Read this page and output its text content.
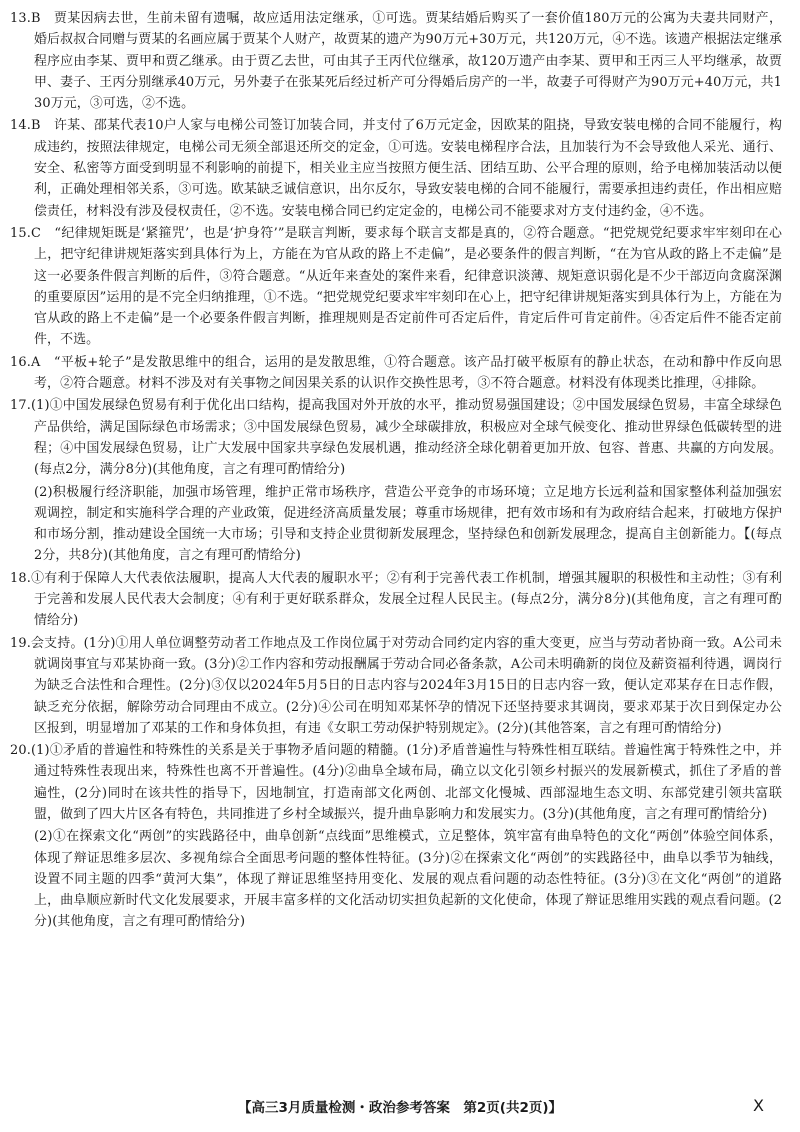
13.B　贾某因病去世，生前未留有遗嘱，故应适用法定继承，①可选。贾某结婚后购买了一套价值180万元的公寓为夫妻共同财产，婚后叔叔合同赠与贾某的名画应属于贾某个人财产，故贾某的遗产为90万元+30万元，共120万元，④不选。该遗产根据法定继承程序应由李某、贾甲和贾乙继承。由于贾乙去世，可由其子王丙代位继承，故120万遗产由李某、贾甲和王丙三人平均继承，故贾甲、妻子、王丙分别继承40万元，另外妻子在张某死后经过析产可分得婚后房产的一半，故妻子可得财产为90万元+40万元，共130万元，③可选，②不选。

14.B　许某、邵某代表10户人家与电梯公司签订加装合同，并支付了6万元定金，因欧某的阻挠，导致安装电梯的合同不能履行，构成违约，按照法律规定，电梯公司无须全部退还所交的定金，①可选。安装电梯程序合法，且加装行为不会导致他人采光、通行、安全、私密等方面受到明显不利影响的前提下，相关业主应当按照方便生活、团结互助、公平合理的原则，给予电梯加装活动以便利，正确处理相邻关系，③可选。欧某缺乏诚信意识，出尔反尔，导致安装电梯的合同不能履行，需要承担违约责任，作出相应赔偿责任，材料没有涉及侵权责任，②不选。安装电梯合同已约定定金的，电梯公司不能要求对方支付违约金，④不选。

15.C　“纪律规矩既是‘紧箍咒’，也是‘护身符’”是联言判断，要求每个联言支都是真的，②符合题意。“把党规党纪要求牢牢刻印在心上，把守纪律讲规矩落实到具体行为上，方能在为官从政的路上不走偏”，是必要条件的假言判断，“在为官从政的路上不走偏”是这一必要条件假言判断的后件，③符合题意。“从近年来查处的案件来看，纪律意识淡薄、规矩意识弱化是不少干部迈向贪腐深渊的重要原因”运用的是不完全归纳推理，①不选。“把党规党纪要求牢牢刻印在心上，把守纪律讲规矩落实到具体行为上，方能在为官从政的路上不走偏”是一个必要条件假言判断，推理规则是否定前件可否定后件，肯定后件可肯定前件。④否定后件不能否定前件，不选。

16.A　“平板+轮子”是发散思维中的组合，运用的是发散思维，①符合题意。该产品打破平板原有的静止状态，在动和静中作反向思考，②符合题意。材料不涉及对有关事物之间因果关系的认识作交换性思考，③不符合题意。材料没有体现类比推理，④排除。

17.(1)①中国发展绿色贸易有利于优化出口结构，提高我国对外开放的水平，推动贸易强国建设；②中国发展绿色贸易，丰富全球绿色产品供给，满足国际绿色市场需求；③中国发展绿色贸易，减少全球碳排放，积极应对全球气候变化、推动世界绿色低碳转型的进程；④中国发展绿色贸易，让广大发展中国家共享绿色发展机遇，推动经济全球化朝着更加开放、包容、普惠、共赢的方向发展。(每点2分，满分8分)(其他角度，言之有理可酌情给分)

(2)积极履行经济职能，加强市场管理，维护正常市场秩序，营造公平竞争的市场环境；立足地方长远利益和国家整体利益加强宏观调控，制定和实施科学合理的产业政策，促进经济高质量发展；尊重市场规律，把有效市场和有为政府结合起来，打破地方保护和市场分割，推动建设全国统一大市场；引导和支持企业贯彻新发展理念，坚持绿色和创新发展理念，提高自主创新能力。【(每点2分，共8分)(其他角度，言之有理可酌情给分)

18.①有利于保障人大代表依法履职，提高人大代表的履职水平；②有利于完善代表工作机制，增强其履职的积极性和主动性；③有利于完善和发展人民代表大会制度；④有利于更好联系群众，发展全过程人民民主。(每点2分，满分8分)(其他角度，言之有理可酌情给分)

19.会支持。(1分)①用人单位调整劳动者工作地点及工作岗位属于对劳动合同约定内容的重大变更，应当与劳动者协商一致。A公司未就调岗事宜与邓某协商一致。(3分)②工作内容和劳动报酬属于劳动合同必备条款，A公司未明确新的岗位及薪资福利待遇，调岗行为缺乏合法性和合理性。(2分)③仅以2024年5月5日的日志内容与2024年3月15日的日志内容一致，便认定邓某存在日志作假，缺乏充分依据，解除劳动合同理由不成立。(2分)④公司在明知邓某怀孕的情况下还坚持要求其调岗，要求邓某于次日到保定办公区报到，明显增加了邓某的工作和身体负担，有违《女职工劳动保护特别规定》。(2分)(其他答案，言之有理可酌情给分)

20.(1)①矛盾的普遍性和特殊性的关系是关于事物矛盾问题的精髓。(1分)矛盾普遍性与特殊性相互联结。普遍性寓于特殊性之中，并通过特殊性表现出来，特殊性也离不开普遍性。(4分)②曲阜全域布局，确立以文化引领乡村振兴的发展新模式，抓住了矛盾的普遍性，(2分)同时在该共性的指导下，因地制宜，打造南部文化两创、北部文化慢城、西部湿地生态文明、东部党建引领共富联盟，做到了四大片区各有特色，共同推进了乡村全域振兴，提升曲阜影响力和发展实力。(3分)(其他角度，言之有理可酌情给分)

(2)①在探索文化“两创”的实践路径中，曲阜创新“点线面”思维模式，立足整体，筑牢富有曲阜特色的文化“两创”体验空间体系，体现了辩证思维多层次、多视角综合全面思考问题的整体性特征。(3分)②在探索文化“两创”的实践路径中，曲阜以季节为轴线，设置不同主题的四季“黄河大集”，体现了辩证思维坚持用变化、发展的观点看问题的动态性特征。(3分)③在文化“两创”的道路上，曲阜顺应新时代文化发展要求，开展丰富多样的文化活动切实担负起新的文化使命，体现了辩证思维用实践的观点看问题。(2分)(其他角度，言之有理可酌情给分)

【高三3月质量检测・政治参考答案　第2页(共2页)】	X
